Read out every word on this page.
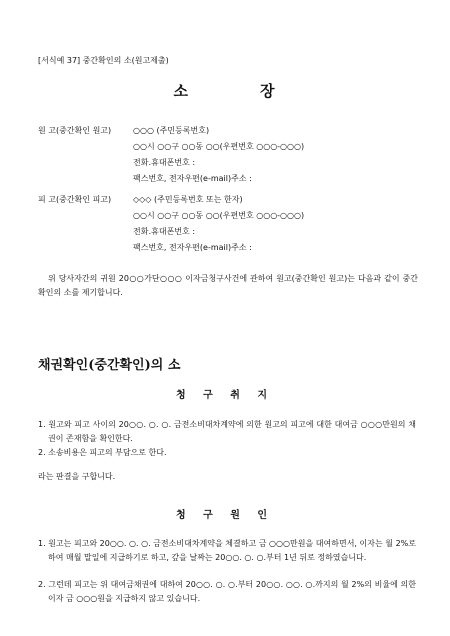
[서식예 37] 중간확인의 소(원고제출)
소	장
원 고(중간확인 원고)	○○○ (주민등록번호)
○○시 ○○구 ○○동 ○○(우편번호 ○○○-○○○)
전화․휴대폰번호 :
팩스번호, 전자우편(e-mail)주소 :
피 고(중간확인 피고)	◇◇◇ (주민등록번호 또는 한자)
○○시 ○○구 ○○동 ○○(우편번호 ○○○-○○○)
전화․휴대폰번호 :
팩스번호, 전자우편(e-mail)주소 :
위 당사자간의 귀원 20○○가단○○○ 이자금청구사건에 관하여 원고(중간확인 원고)는 다음과 같이 중간확인의 소를 제기합니다.
채권확인(중간확인)의 소
청 구 취 지
1. 원고와 피고 사이의 20○○. ○. ○. 금전소비대차계약에 의한 원고의 피고에 대한 대여금 ○○○만원의 채권이 존재함을 확인한다.
2. 소송비용은 피고의 부담으로 한다.
라는 판결을 구합니다.
청 구 원 인
1. 원고는 피고와 20○○. ○. ○. 금전소비대차계약을 체결하고 금 ○○○만원을 대여하면서, 이자는 월 2%로 하여 매월 말일에 지급하기로 하고, 갚을 날짜는 20○○. ○. ○.부터 1년 뒤로 정하였습니다.
2. 그런데 피고는 위 대여금채권에 대하여 20○○. ○. ○.부터 20○○. ○○. ○.까지의 월 2%의 비율에 의한 이자 금 ○○○원을 지급하지 않고 있습니다.
